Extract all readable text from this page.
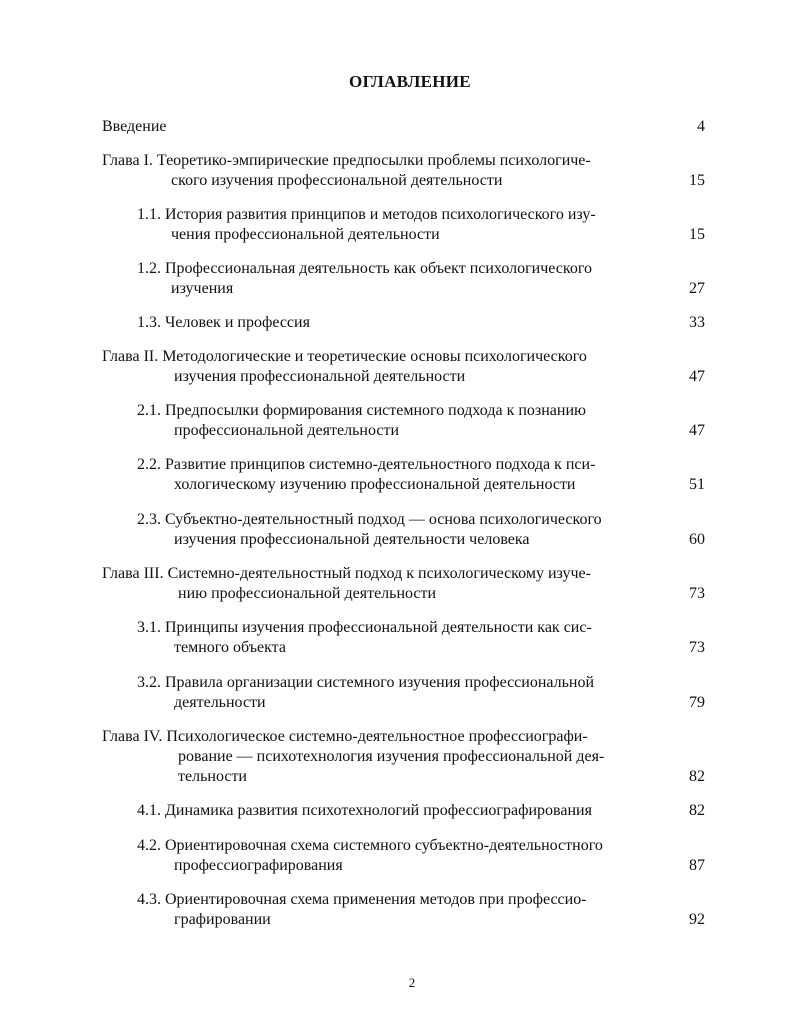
ОГЛАВЛЕНИЕ
Введение	4
Глава I. Теоретико-эмпирические предпосылки проблемы психологиче-
ского изучения профессиональной деятельности	15
1.1. История развития принципов и методов психологического изу-
чения профессиональной деятельности	15
1.2. Профессиональная деятельность как объект психологического
изучения	27
1.3. Человек и профессия	33
Глава II. Методологические и теоретические основы психологического
изучения профессиональной деятельности	47
2.1. Предпосылки формирования системного подхода к познанию
профессиональной деятельности	47
2.2. Развитие принципов системно-деятельностного подхода к пси-
хологическому изучению профессиональной деятельности	51
2.3. Субъектно-деятельностный подход — основа психологического
изучения профессиональной деятельности человека	60
Глава III. Системно-деятельностный подход к психологическому изуче-
нию профессиональной деятельности	73
3.1. Принципы изучения профессиональной деятельности как сис-
темного объекта	73
3.2. Правила организации системного изучения профессиональной
деятельности	79
Глава IV. Психологическое системно-деятельностное профессиографи-
рование — психотехнология изучения профессиональной дея-
тельности	82
4.1. Динамика развития психотехнологий профессиографирования	82
4.2. Ориентировочная схема системного субъектно-деятельностного
профессиографирования	87
4.3. Ориентировочная схема применения методов при профессио-
графировании	92
2
